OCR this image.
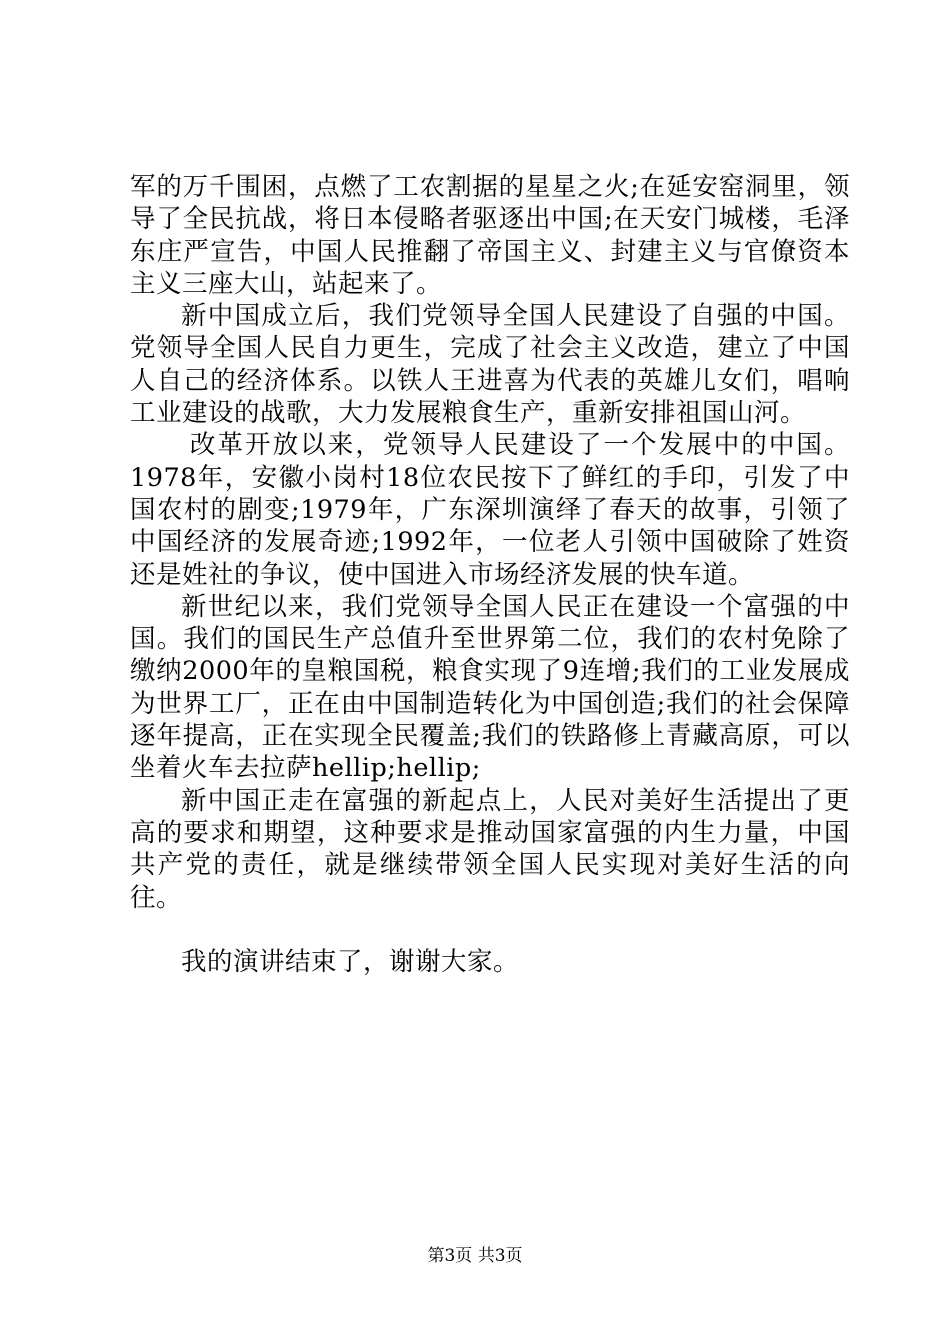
军的万千围困，点燃了工农割据的星星之火;在延安窑洞里，领导了全民抗战，将日本侵略者驱逐出中国;在天安门城楼，毛泽东庄严宣告，中国人民推翻了帝国主义、封建主义与官僚资本主义三座大山，站起来了。

新中国成立后，我们党领导全国人民建设了自强的中国。党领导全国人民自力更生，完成了社会主义改造，建立了中国人自己的经济体系。以铁人王进喜为代表的英雄儿女们，唱响工业建设的战歌，大力发展粮食生产，重新安排祖国山河。

改革开放以来，党领导人民建设了一个发展中的中国。1978年，安徽小岗村18位农民按下了鲜红的手印，引发了中国农村的剧变;1979年，广东深圳演绎了春天的故事，引领了中国经济的发展奇迹;1992年，一位老人引领中国破除了姓资还是姓社的争议，使中国进入市场经济发展的快车道。

新世纪以来，我们党领导全国人民正在建设一个富强的中国。我们的国民生产总值升至世界第二位，我们的农村免除了缴纳2000年的皇粮国税，粮食实现了9连增;我们的工业发展成为世界工厂，正在由中国制造转化为中国创造;我们的社会保障逐年提高，正在实现全民覆盖;我们的铁路修上青藏高原，可以坐着火车去拉萨hellip;hellip;

新中国正走在富强的新起点上，人民对美好生活提出了更高的要求和期望，这种要求是推动国家富强的内生力量，中国共产党的责任，就是继续带领全国人民实现对美好生活的向往。

我的演讲结束了，谢谢大家。

第3页 共3页
